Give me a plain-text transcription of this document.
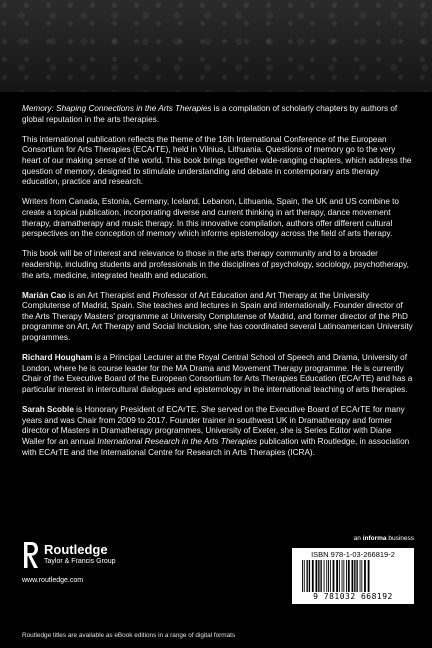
Memory: Shaping Connections in the Arts Therapies is a compilation of scholarly chapters by authors of global reputation in the arts therapies.

This international publication reflects the theme of the 16th International Conference of the European Consortium for Arts Therapies (ECArTE), held in Vilnius, Lithuania. Questions of memory go to the very heart of our making sense of the world. This book brings together wide-ranging chapters, which address the question of memory, designed to stimulate understanding and debate in contemporary arts therapy education, practice and research.

Writers from Canada, Estonia, Germany, Iceland, Lebanon, Lithuania, Spain, the UK and US combine to create a topical publication, incorporating diverse and current thinking in art therapy, dance movement therapy, dramatherapy and music therapy. In this innovative compilation, authors offer different cultural perspectives on the conception of memory which informs epistemology across the field of arts therapy.

This book will be of interest and relevance to those in the arts therapy community and to a broader readership, including students and professionals in the disciplines of psychology, sociology, psychotherapy, the arts, medicine, integrated health and education.

Marián Cao is an Art Therapist and Professor of Art Education and Art Therapy at the University Complutense of Madrid, Spain. She teaches and lectures in Spain and internationally. Founder director of the Arts Therapy Masters' programme at University Complutense of Madrid, and former director of the PhD programme on Art, Art Therapy and Social Inclusion, she has coordinated several Latinoamerican University programmes.

Richard Hougham is a Principal Lecturer at the Royal Central School of Speech and Drama, University of London, where he is course leader for the MA Drama and Movement Therapy programme. He is currently Chair of the Executive Board of the European Consortium for Arts Therapies Education (ECArTE) and has a particular interest in intercultural dialogues and epistemology in the international teaching of arts therapies.

Sarah Scoble is Honorary President of ECArTE. She served on the Executive Board of ECArTE for many years and was Chair from 2009 to 2017. Founder trainer in southwest UK in Dramatherapy and former director of Masters in Dramatherapy programmes, University of Exeter, she is Series Editor with Diane Waller for an annual International Research in the Arts Therapies publication with Routledge, in association with ECArTE and the International Centre for Research in Arts Therapies (ICRA).

Routledge
Taylor & Francis Group
www.routledge.com
an informa business
ISBN 978-1-03-266819-2
9 781032 668192
Routledge titles are available as eBook editions in a range of digital formats
